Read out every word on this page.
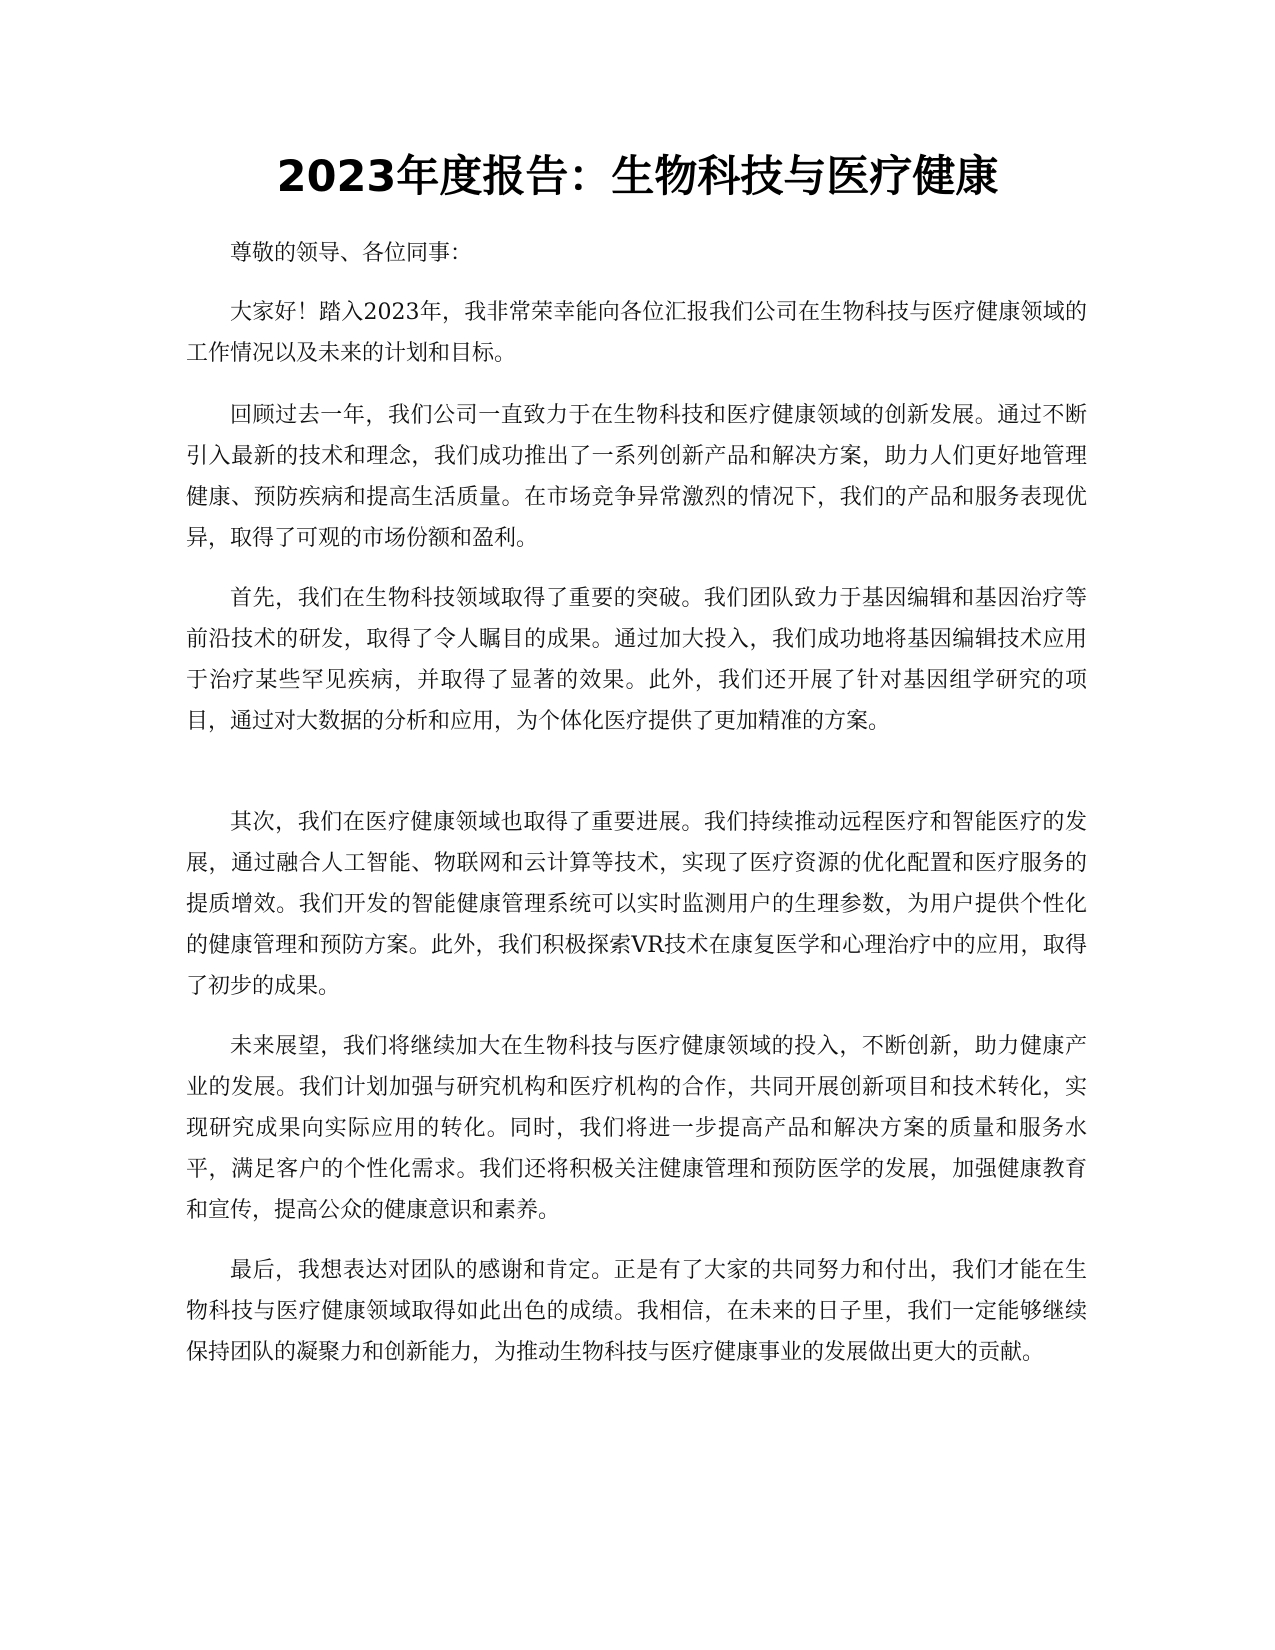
2023年度报告：生物科技与医疗健康

尊敬的领导、各位同事：

大家好！踏入2023年，我非常荣幸能向各位汇报我们公司在生物科技与医疗健康领域的工作情况以及未来的计划和目标。

回顾过去一年，我们公司一直致力于在生物科技和医疗健康领域的创新发展。通过不断引入最新的技术和理念，我们成功推出了一系列创新产品和解决方案，助力人们更好地管理健康、预防疾病和提高生活质量。在市场竞争异常激烈的情况下，我们的产品和服务表现优异，取得了可观的市场份额和盈利。

首先，我们在生物科技领域取得了重要的突破。我们团队致力于基因编辑和基因治疗等前沿技术的研发，取得了令人瞩目的成果。通过加大投入，我们成功地将基因编辑技术应用于治疗某些罕见疾病，并取得了显著的效果。此外，我们还开展了针对基因组学研究的项目，通过对大数据的分析和应用，为个体化医疗提供了更加精准的方案。

其次，我们在医疗健康领域也取得了重要进展。我们持续推动远程医疗和智能医疗的发展，通过融合人工智能、物联网和云计算等技术，实现了医疗资源的优化配置和医疗服务的提质增效。我们开发的智能健康管理系统可以实时监测用户的生理参数，为用户提供个性化的健康管理和预防方案。此外，我们积极探索VR技术在康复医学和心理治疗中的应用，取得了初步的成果。

未来展望，我们将继续加大在生物科技与医疗健康领域的投入，不断创新，助力健康产业的发展。我们计划加强与研究机构和医疗机构的合作，共同开展创新项目和技术转化，实现研究成果向实际应用的转化。同时，我们将进一步提高产品和解决方案的质量和服务水平，满足客户的个性化需求。我们还将积极关注健康管理和预防医学的发展，加强健康教育和宣传，提高公众的健康意识和素养。

最后，我想表达对团队的感谢和肯定。正是有了大家的共同努力和付出，我们才能在生物科技与医疗健康领域取得如此出色的成绩。我相信，在未来的日子里，我们一定能够继续保持团队的凝聚力和创新能力，为推动生物科技与医疗健康事业的发展做出更大的贡献。
